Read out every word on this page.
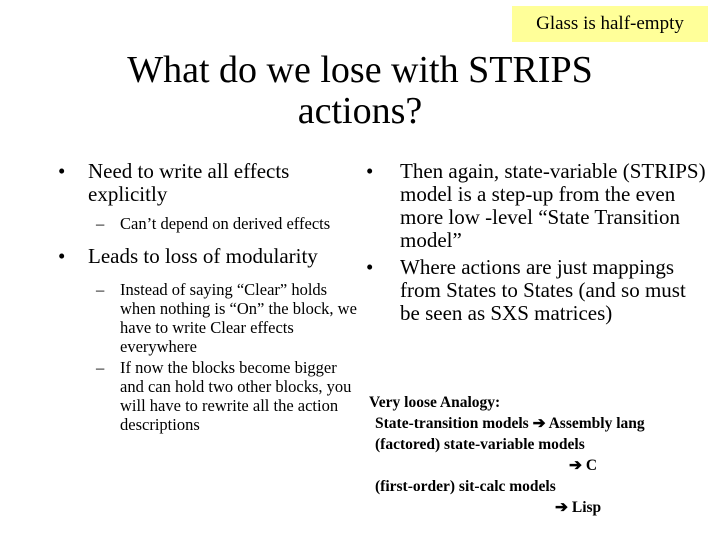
Glass is half-empty
What do we lose with STRIPS
actions?
• Need to write all effects explicitly
– Can’t depend on derived effects
• Leads to loss of modularity
– Instead of saying “Clear” holds when nothing is “On” the block, we have to write Clear effects everywhere
– If now the blocks become bigger and can hold two other blocks, you will have to rewrite all the action descriptions
• Then again, state-variable (STRIPS) model is a step-up from the even more low -level “State Transition model”
• Where actions are just mappings from States to States (and so must be seen as SXS matrices)
Very loose Analogy:
State-transition models ➔ Assembly lang
(factored) state-variable models
➔ C
(first-order) sit-calc models
➔ Lisp
